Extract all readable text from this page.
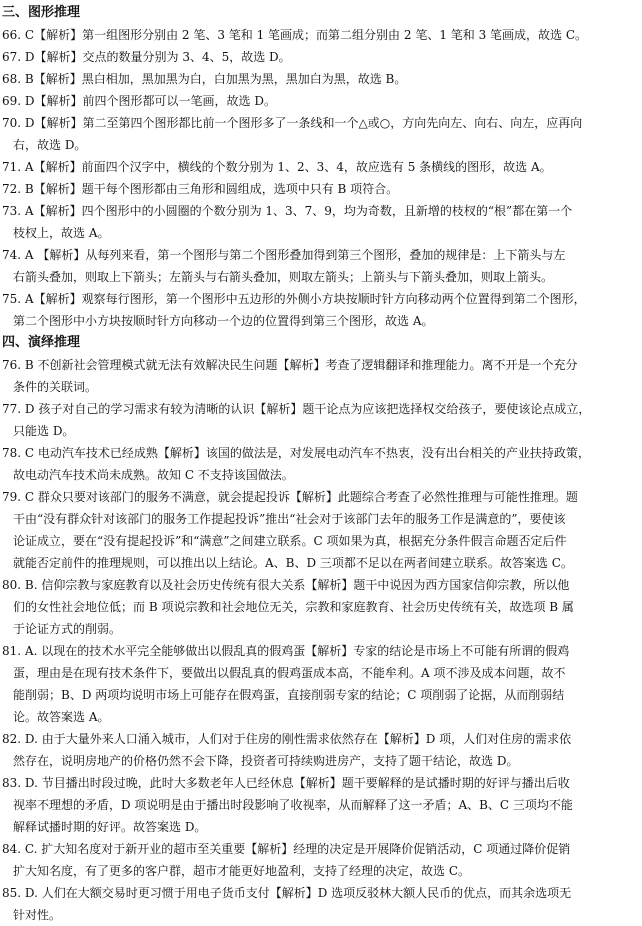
三、图形推理
66. C【解析】第一组图形分别由 2 笔、3 笔和 1 笔画成；而第二组分别由 2 笔、1 笔和 3 笔画成，故选 C。
67. D【解析】交点的数量分别为 3、4、5，故选 D。
68. B【解析】黑白相加，黑加黑为白，白加黑为黑，黑加白为黑，故选 B。
69. D【解析】前四个图形都可以一笔画，故选 D。
70. D【解析】第二至第四个图形都比前一个图形多了一条线和一个△或○，方向先向左、向右、向左，应再向
右，故选 D。
71. A【解析】前面四个汉字中，横线的个数分别为 1、2、3、4，故应选有 5 条横线的图形，故选 A。
72. B【解析】题干每个图形都由三角形和圆组成，选项中只有 B 项符合。
73. A【解析】四个图形中的小圆圈的个数分别为 1、3、7、9，均为奇数，且新增的枝杈的“根”都在第一个
枝杈上，故选 A。
74. A 【解析】从每列来看，第一个图形与第二个图形叠加得到第三个图形，叠加的规律是：上下箭头与左
右箭头叠加，则取上下箭头；左箭头与右箭头叠加，则取左箭头；上箭头与下箭头叠加，则取上箭头。
75. A【解析】观察每行图形，第一个图形中五边形的外侧小方块按顺时针方向移动两个位置得到第二个图形，
第二个图形中小方块按顺时针方向移动一个边的位置得到第三个图形，故选 A。
四、演绎推理
76. B 不创新社会管理模式就无法有效解决民生问题【解析】考查了逻辑翻译和推理能力。离不开是一个充分
条件的关联词。
77. D 孩子对自己的学习需求有较为清晰的认识【解析】题干论点为应该把选择权交给孩子，要使该论点成立，
只能选 D。
78. C 电动汽车技术已经成熟【解析】该国的做法是，对发展电动汽车不热衷，没有出台相关的产业扶持政策，
故电动汽车技术尚未成熟。故知 C 不支持该国做法。
79. C 群众只要对该部门的服务不满意，就会提起投诉【解析】此题综合考查了必然性推理与可能性推理。题
干由“没有群众针对该部门的服务工作提起投诉”推出“社会对于该部门去年的服务工作是满意的”，要使该
论证成立，要在“没有提起投诉”和“满意”之间建立联系。C 项如果为真，根据充分条件假言命题否定后件
就能否定前件的推理规则，可以推出以上结论。A、B、D 三项都不足以在两者间建立联系。故答案选 C。
80. B. 信仰宗教与家庭教育以及社会历史传统有很大关系【解析】题干中说因为西方国家信仰宗教，所以他
们的女性社会地位低；而 B 项说宗教和社会地位无关，宗教和家庭教育、社会历史传统有关，故选项 B 属
于论证方式的削弱。
81. A. 以现在的技术水平完全能够做出以假乱真的假鸡蛋【解析】专家的结论是市场上不可能有所谓的假鸡
蛋，理由是在现有技术条件下，要做出以假乱真的假鸡蛋成本高，不能牟利。A 项不涉及成本问题，故不
能削弱；B、D 两项均说明市场上可能存在假鸡蛋，直接削弱专家的结论；C 项削弱了论据，从而削弱结
论。故答案选 A。
82. D. 由于大量外来人口涌入城市，人们对于住房的刚性需求依然存在【解析】D 项，人们对住房的需求依
然存在，说明房地产的价格仍然不会下降，投资者可持续购进房产，支持了题干结论，故选 D。
83. D. 节目播出时段过晚，此时大多数老年人已经休息【解析】题干要解释的是试播时期的好评与播出后收
视率不理想的矛盾，D 项说明是由于播出时段影响了收视率，从而解释了这一矛盾；A、B、C 三项均不能
解释试播时期的好评。故答案选 D。
84. C. 扩大知名度对于新开业的超市至关重要【解析】经理的决定是开展降价促销活动，C 项通过降价促销
扩大知名度，有了更多的客户群，超市才能更好地盈利，支持了经理的决定，故选 C。
85. D. 人们在大额交易时更习惯于用电子货币支付【解析】D 选项反驳林大额人民币的优点，而其余选项无
针对性。
